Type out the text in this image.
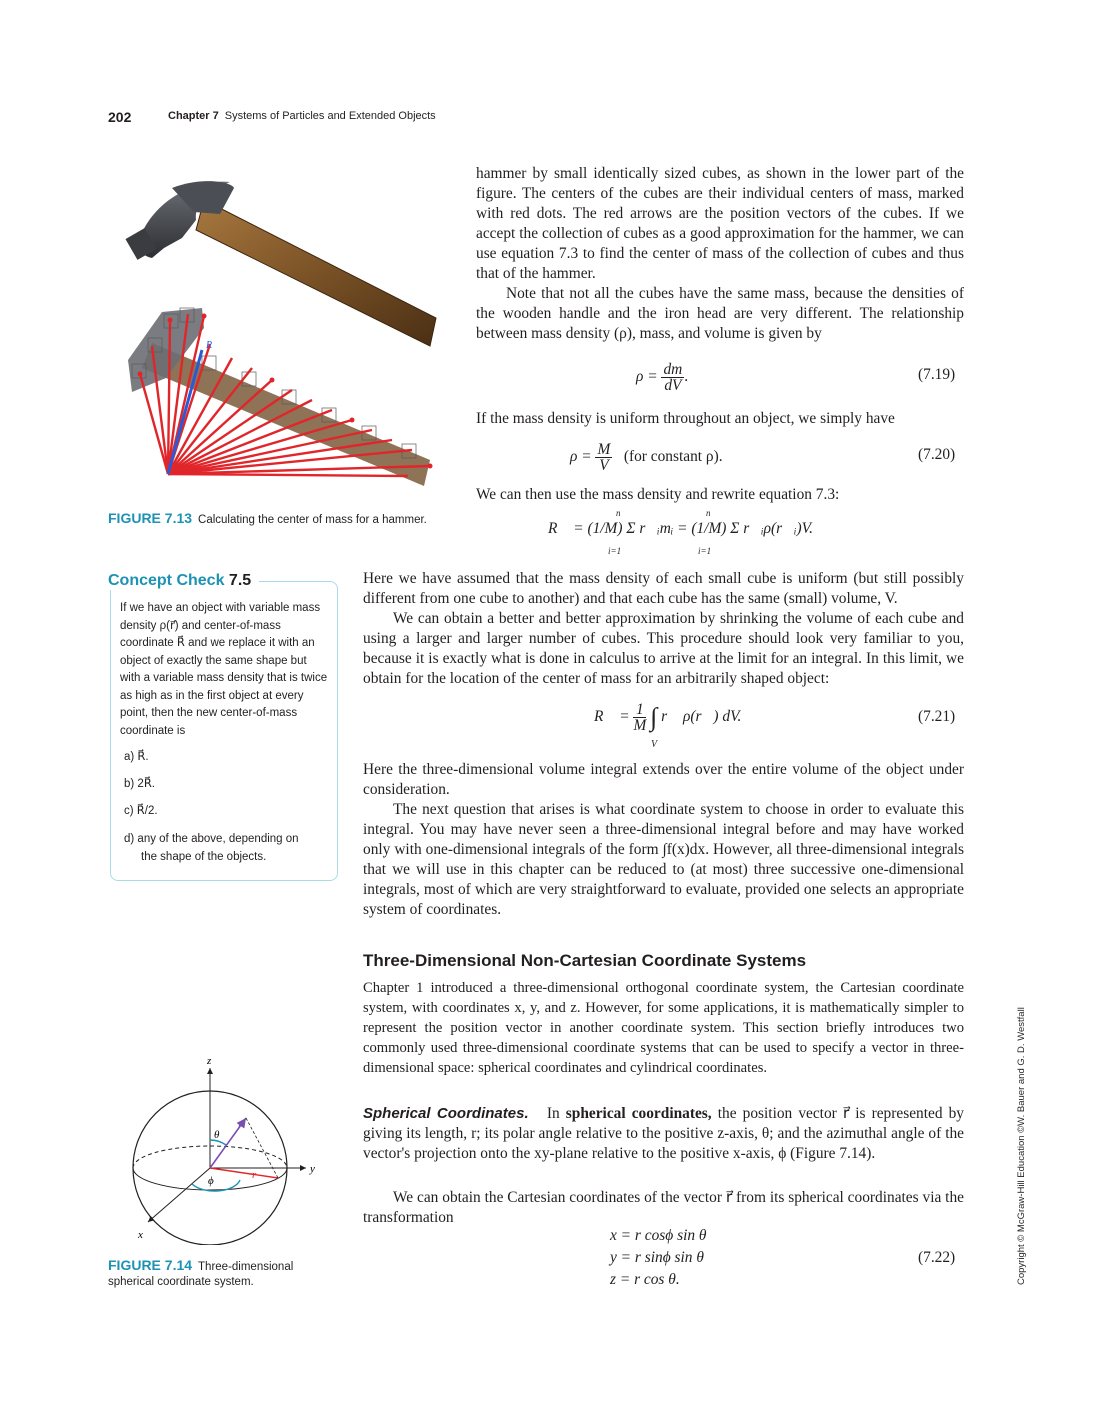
202	Chapter 7 Systems of Particles and Extended Objects
R
FIGURE 7.13 Calculating the center of mass for a hammer.

hammer by small identically sized cubes, as shown in the lower part of the figure. The centers of the cubes are their individual centers of mass, marked with red dots. The red arrows are the position vectors of the cubes. If we accept the collection of cubes as a good approximation for the hammer, we can use equation 7.3 to find the center of mass of the collection of cubes and thus that of the hammer.

Note that not all the cubes have the same mass, because the densities of the wooden handle and the iron head are very different. The relationship between mass density (ρ), mass, and volume is given by

$\rho = \frac{dm}{dV}$ .	(7.19)

If the mass density is uniform throughout an object, we simply have

$\rho = \frac{M}{V} (for$ constant ρ).	(7.20)

We can then use the mass density and rewrite equation 7.3:

R⃗ = (1/M) Σ r⃗ᵢmᵢ = (1/M) Σ r⃗ᵢρ(r⃗ᵢ)V.
n
i=1
n
i=1
Concept Check 7.5
If we have an object with variable mass density ρ(r⃗) and center-of-mass coordinate R⃗ and we replace it with an object of exactly the same shape but with a variable mass density that is twice as high as in the first object at every point, then the new center-of-mass coordinate is
a) R⃗.
b) 2R⃗.
c) R⃗/2.
d) any of the above, depending on
the shape of the objects.

Here we have assumed that the mass density of each small cube is uniform (but still possibly different from one cube to another) and that each cube has the same (small) volume, V.

We can obtain a better and better approximation by shrinking the volume of each cube and using a larger and larger number of cubes. This procedure should look very familiar to you, because it is exactly what is done in calculus to arrive at the limit for an integral. In this limit, we obtain for the location of the center of mass for an arbitrarily shaped object:

R⃗ = $\frac{1}{M}$ ∫ r⃗ ρ(r⃗) dV.
V
(7.21)

Here the three-dimensional volume integral extends over the entire volume of the object under consideration.

The next question that arises is what coordinate system to choose in order to evaluate this integral. You may have never seen a three-dimensional integral before and may have worked only with one-dimensional integrals of the form ∫f(x)dx. However, all three-dimensional integrals that we will use in this chapter can be reduced to (at most) three successive one-dimensional integrals, most of which are very straightforward to evaluate, provided one selects an appropriate system of coordinates.

Three-Dimensional Non-Cartesian Coordinate Systems

Chapter 1 introduced a three-dimensional orthogonal coordinate system, the Cartesian coordinate system, with coordinates x, y, and z. However, for some applications, it is mathematically simpler to represent the position vector in another coordinate system. This section briefly introduces two commonly used three-dimensional coordinate systems that can be used to specify a vector in three-dimensional space: spherical coordinates and cylindrical coordinates.

Spherical Coordinates. In spherical coordinates, the position vector r⃗ is represented by giving its length, r; its polar angle relative to the positive z-axis, θ; and the azimuthal angle of the vector's projection onto the xy-plane relative to the positive x-axis, ϕ (Figure 7.14).

We can obtain the Cartesian coordinates of the vector r⃗ from its spherical coordinates via the transformation

x = r cosϕ sin θ
y = r sinϕ sin θ
z = r cos θ.
(7.22)
z
y
x
θ
ϕ	r
r
FIGURE 7.14 Three-dimensional
spherical coordinate system.	Copyright © McGraw-Hill Education ©W. Bauer and G. D. Westfall
